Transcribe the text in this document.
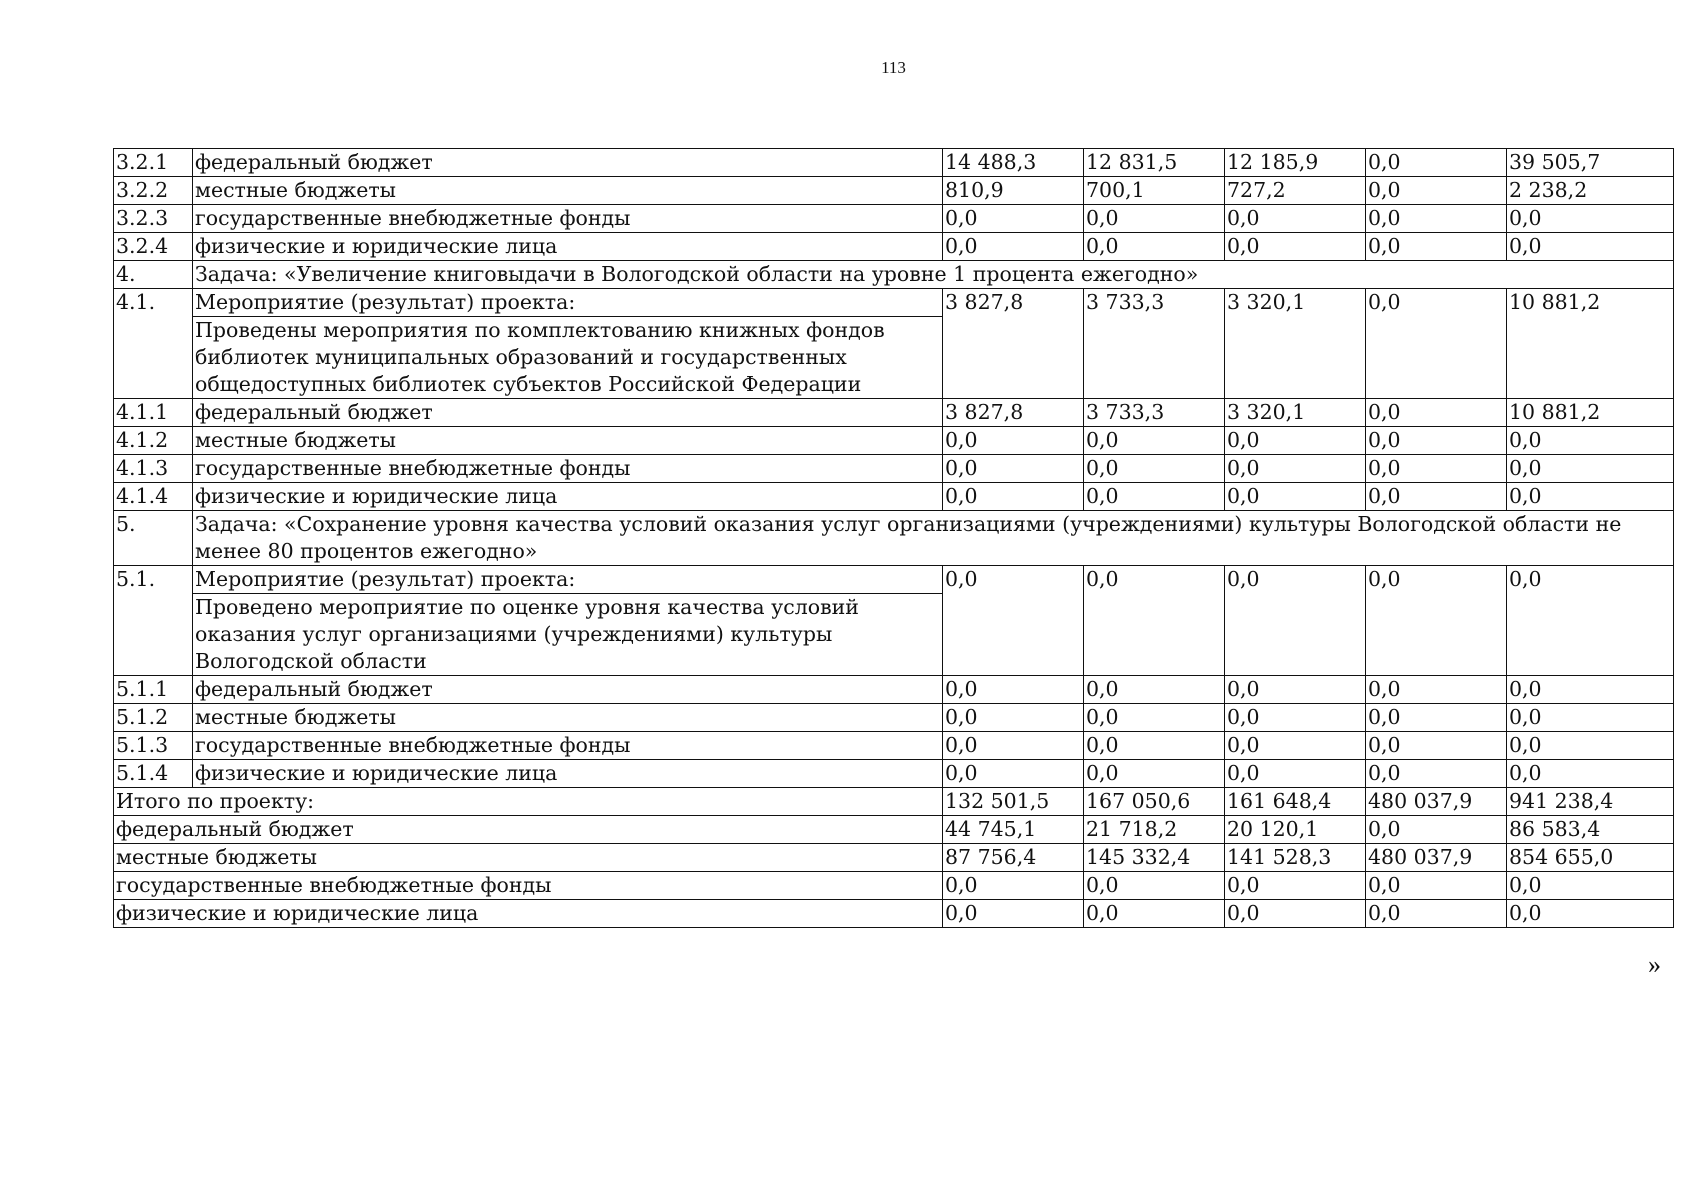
113
3.2.1	федеральный бюджет	14 488,3	12 831,5	12 185,9	0,0	39 505,7
3.2.2	местные бюджеты	810,9	700,1	727,2	0,0	2 238,2
3.2.3	государственные внебюджетные фонды	0,0	0,0	0,0	0,0	0,0
3.2.4	физические и юридические лица	0,0	0,0	0,0	0,0	0,0
4.	Задача: «Увеличение книговыдачи в Вологодской области на уровне 1 процента ежегодно»					
4.1.	Мероприятие (результат) проекта:	3 827,8	3 733,3	3 320,1	0,0	10 881,2
	Проведены мероприятия по комплектованию книжных фондов библиотек муниципальных образований и государственных общедоступных библиотек субъектов Российской Федерации					
4.1.1	федеральный бюджет	3 827,8	3 733,3	3 320,1	0,0	10 881,2
4.1.2	местные бюджеты	0,0	0,0	0,0	0,0	0,0
4.1.3	государственные внебюджетные фонды	0,0	0,0	0,0	0,0	0,0
4.1.4	физические и юридические лица	0,0	0,0	0,0	0,0	0,0
5.	Задача: «Сохранение уровня качества условий оказания услуг организациями (учреждениями) культуры Вологодской области не менее 80 процентов ежегодно»					
5.1.	Мероприятие (результат) проекта:	0,0	0,0	0,0	0,0	0,0
	Проведено мероприятие по оценке уровня качества условий оказания услуг организациями (учреждениями) культуры Вологодской области					
5.1.1	федеральный бюджет	0,0	0,0	0,0	0,0	0,0
5.1.2	местные бюджеты	0,0	0,0	0,0	0,0	0,0
5.1.3	государственные внебюджетные фонды	0,0	0,0	0,0	0,0	0,0
5.1.4	физические и юридические лица	0,0	0,0	0,0	0,0	0,0
Итого по проекту:		132 501,5	167 050,6	161 648,4	480 037,9	941 238,4
федеральный бюджет		44 745,1	21 718,2	20 120,1	0,0	86 583,4
местные бюджеты		87 756,4	145 332,4	141 528,3	480 037,9	854 655,0
государственные внебюджетные фонды		0,0	0,0	0,0	0,0	0,0
физические и юридические лица		0,0	0,0	0,0	0,0	0,0
»
